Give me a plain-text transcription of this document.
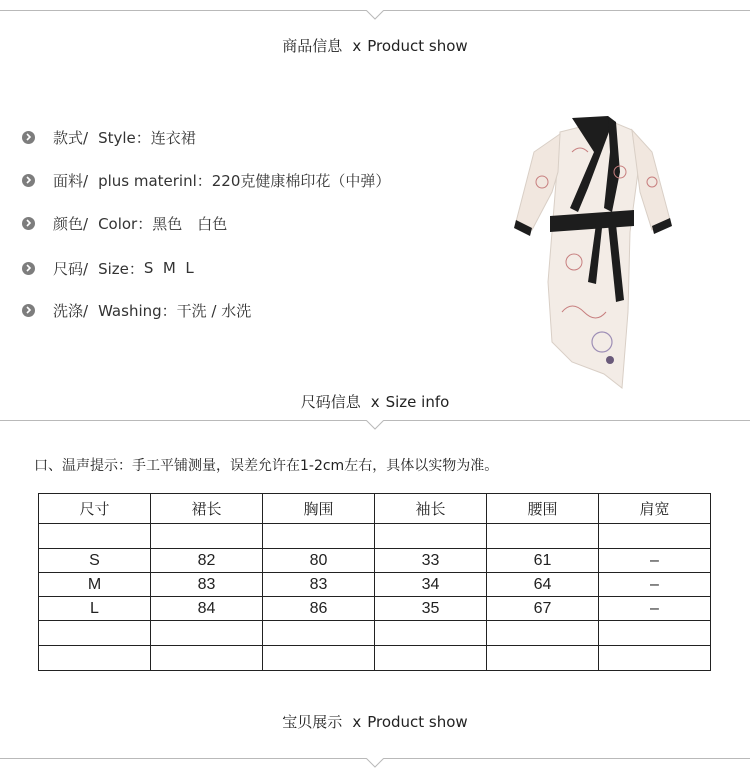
商品信息 x Product show
款式/ Style： 连衣裙
面料/ plus materinl： 220克健康棉印花（中弹）
颜色/ Color： 黑色　白色
尺码/ Size： S  M  L
洗涤/ Washing： 干洗 / 水洗
尺码信息 x Size info
口、温声提示：手工平铺测量，误差允许在1-2cm左右，具体以实物为准。
尺寸	裙长	胸围	袖长	腰围	肩宽

S	82	80	33	61	–
M	83	83	34	64	–
L	84	86	35	67	–

宝贝展示 x Product show
